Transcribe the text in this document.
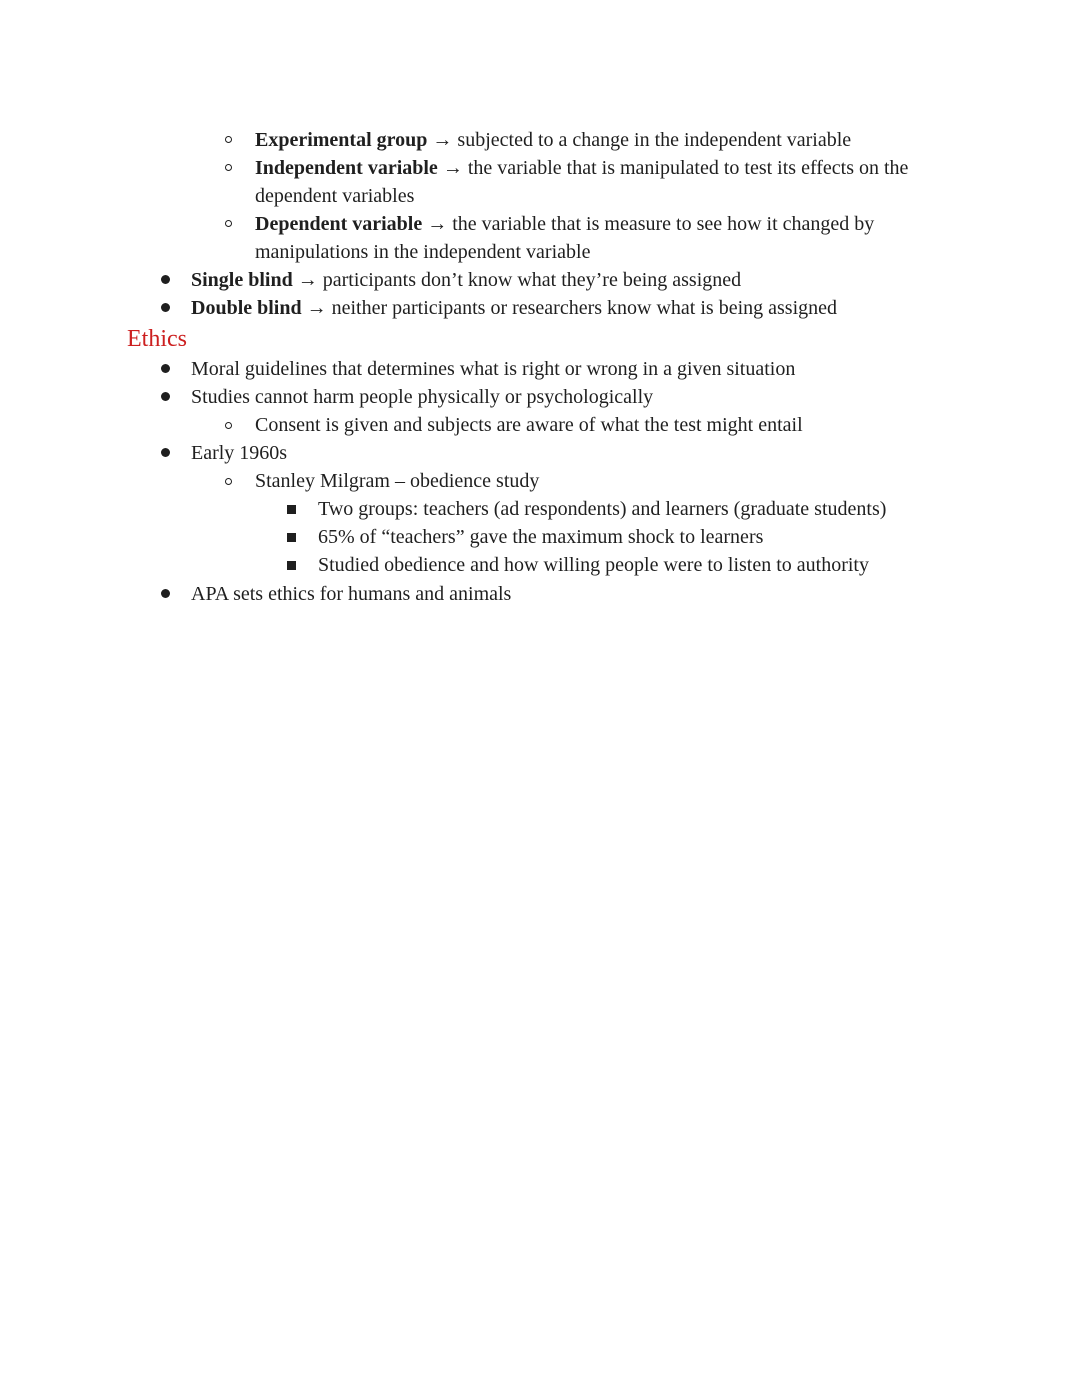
Experimental group → subjected to a change in the independent variable
Independent variable → the variable that is manipulated to test its effects on the
dependent variables
Dependent variable → the variable that is measure to see how it changed by
manipulations in the independent variable
Single blind → participants don’t know what they’re being assigned
Double blind → neither participants or researchers know what is being assigned
Ethics
Moral guidelines that determines what is right or wrong in a given situation
Studies cannot harm people physically or psychologically
Consent is given and subjects are aware of what the test might entail
Early 1960s
Stanley Milgram – obedience study
Two groups: teachers (ad respondents) and learners (graduate students)
65% of “teachers” gave the maximum shock to learners
Studied obedience and how willing people were to listen to authority
APA sets ethics for humans and animals
